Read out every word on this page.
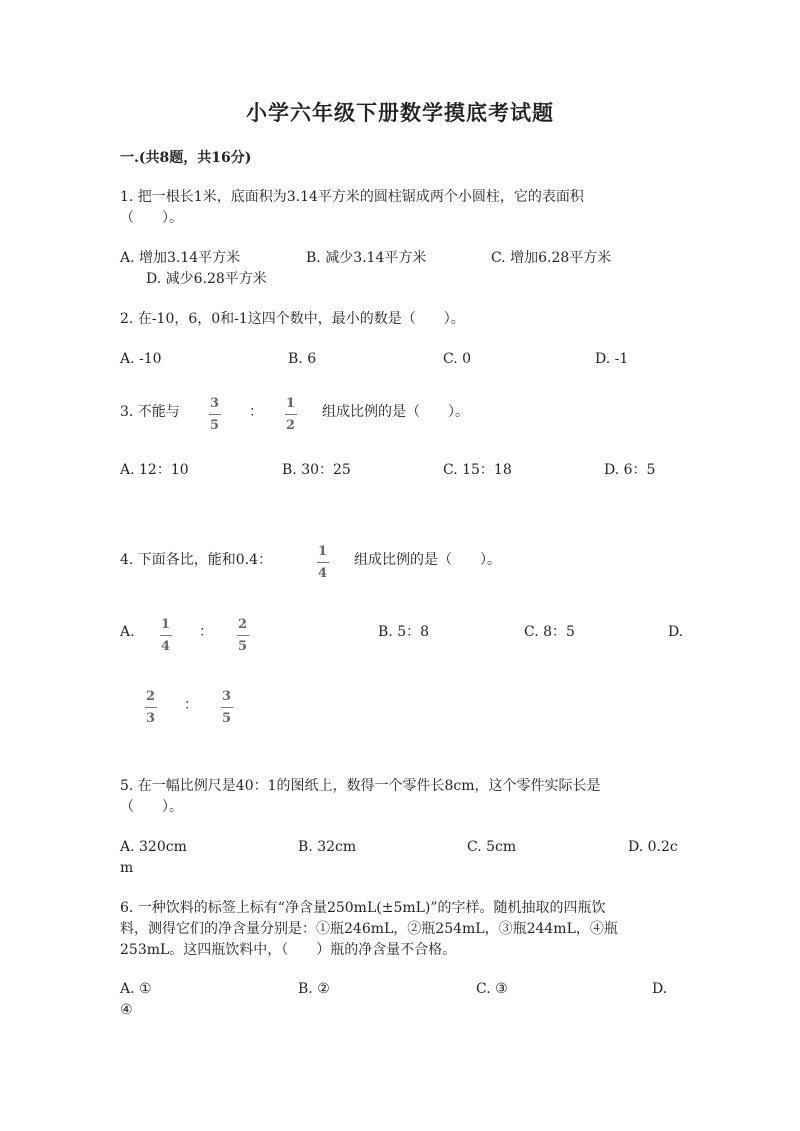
小学六年级下册数学摸底考试题
一.(共8题，共16分)
1. 把一根长1米，底面积为3.14平方米的圆柱锯成两个小圆柱，它的表面积
（　　）。
A. 增加3.14平方米	B. 减少3.14平方米	C. 增加6.28平方米
D. 减少6.28平方米
2. 在-10，6，0和-1这四个数中，最小的数是（　　）。
A. -10	B. 6	C. 0	D. -1
3. 不能与
3
5
：
1
2
组成比例的是（　　）。
A. 12：10	B. 30：25	C. 15：18	D. 6：5
4. 下面各比，能和0.4：
1
4
组成比例的是（　　）。
A. 1
4
： 2
5
B. 5：8	C. 8：5	D.
2
3
：
3
5
5. 在一幅比例尺是40：1的图纸上，数得一个零件长8cm，这个零件实际长是
（　　）。
A. 320cm	B. 32cm	C. 5cm	D. 0.2c
m
6. 一种饮料的标签上标有“净含量250mL(±5mL)”的字样。随机抽取的四瓶饮
料，测得它们的净含量分别是：①瓶246mL，②瓶254mL，③瓶244mL，④瓶
253mL。这四瓶饮料中，（　　）瓶的净含量不合格。
A. ①	B. ②	C. ③	D.
④
